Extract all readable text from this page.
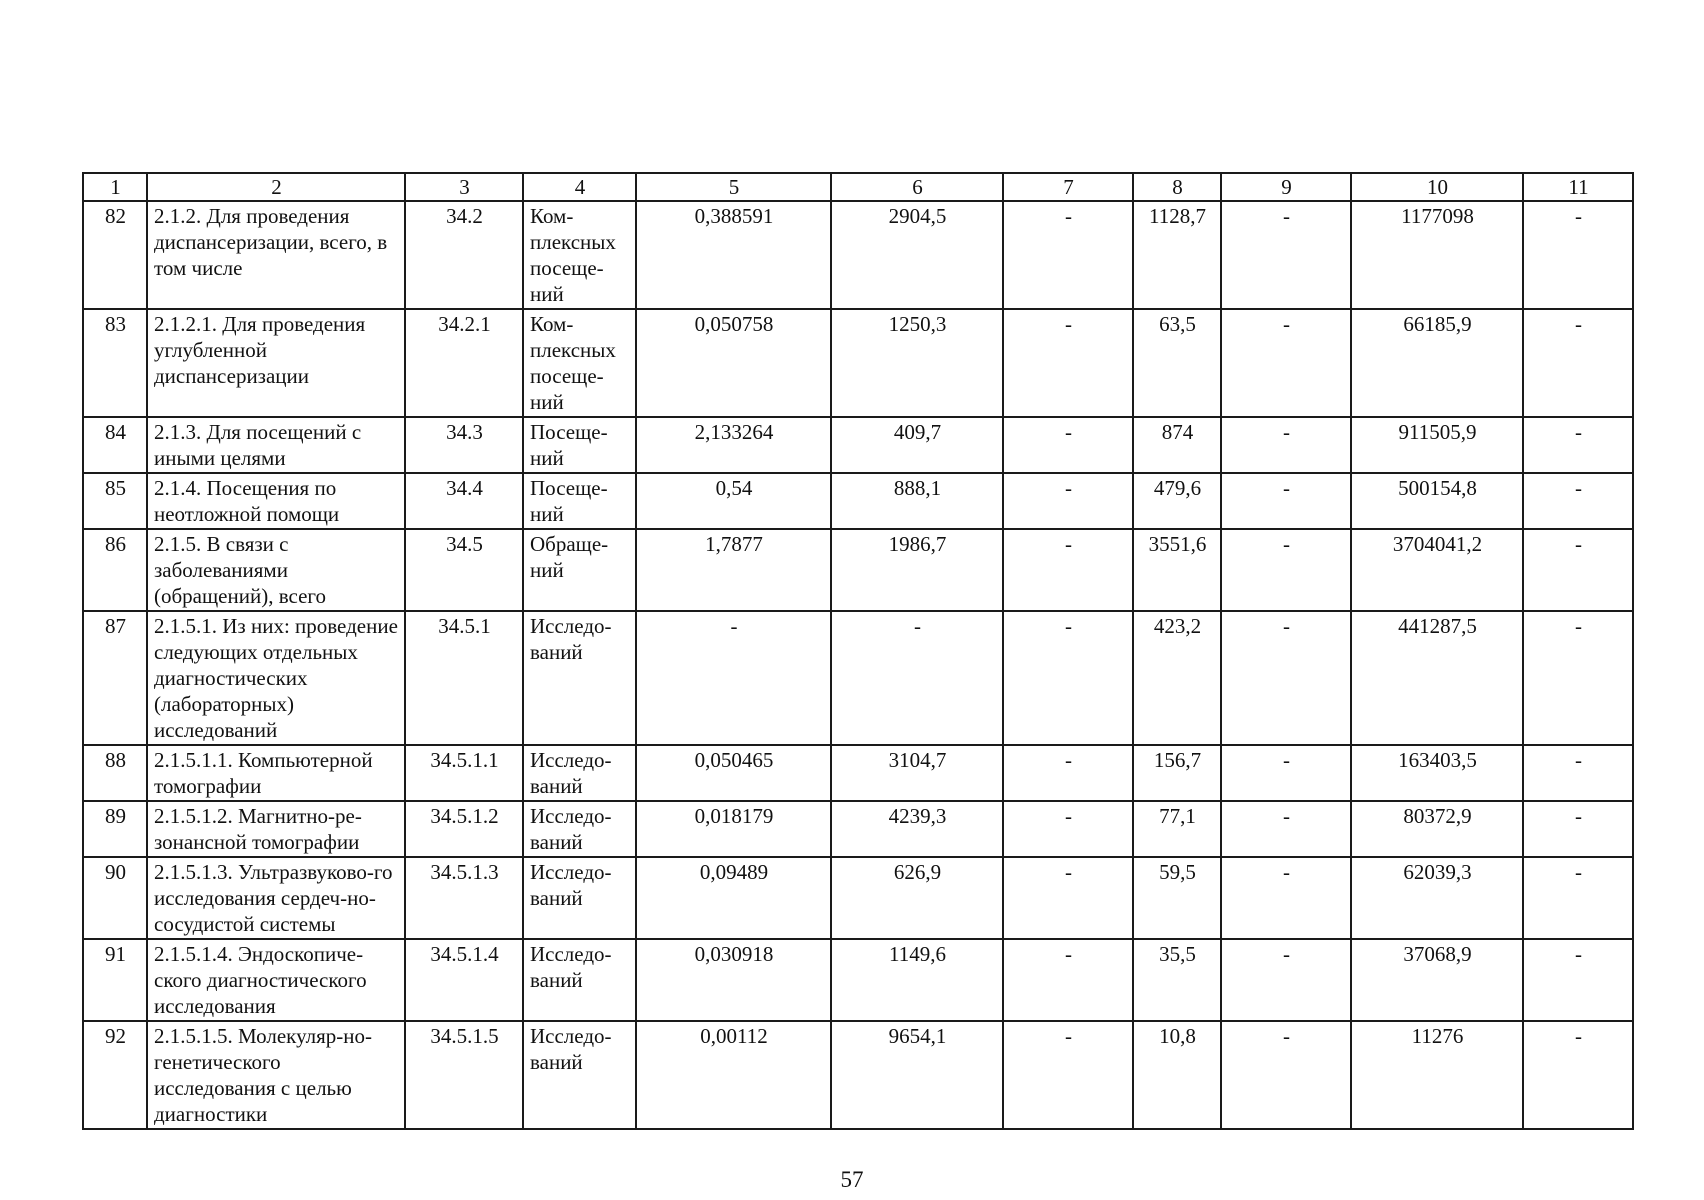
1	2	3	4	5	6	7	8	9	10	11
82	2.1.2. Для проведения диспансеризации, всего, в том числе	34.2	Ком-плексных посеще-ний	0,388591	2904,5	-	1128,7	-	1177098	-
83	2.1.2.1. Для проведения углубленной диспансеризации	34.2.1	Ком-плексных посеще-ний	0,050758	1250,3	-	63,5	-	66185,9	-
84	2.1.3. Для посещений с иными целями	34.3	Посеще-ний	2,133264	409,7	-	874	-	911505,9	-
85	2.1.4. Посещения по неотложной помощи	34.4	Посеще-ний	0,54	888,1	-	479,6	-	500154,8	-
86	2.1.5. В связи с заболеваниями (обращений), всего	34.5	Обраще-ний	1,7877	1986,7	-	3551,6	-	3704041,2	-
87	2.1.5.1. Из них: проведение следующих отдельных диагностических (лабораторных) исследований	34.5.1	Исследо-ваний	-	-	-	423,2	-	441287,5	-
88	2.1.5.1.1. Компьютерной томографии	34.5.1.1	Исследо-ваний	0,050465	3104,7	-	156,7	-	163403,5	-
89	2.1.5.1.2. Магнитно-ре-зонансной томографии	34.5.1.2	Исследо-ваний	0,018179	4239,3	-	77,1	-	80372,9	-
90	2.1.5.1.3. Ультразвуково-го исследования сердеч-но-сосудистой системы	34.5.1.3	Исследо-ваний	0,09489	626,9	-	59,5	-	62039,3	-
91	2.1.5.1.4. Эндоскопиче-ского диагностического исследования	34.5.1.4	Исследо-ваний	0,030918	1149,6	-	35,5	-	37068,9	-
92	2.1.5.1.5. Молекуляр-но-генетического исследования с целью диагностики	34.5.1.5	Исследо-ваний	0,00112	9654,1	-	10,8	-	11276	-
57
